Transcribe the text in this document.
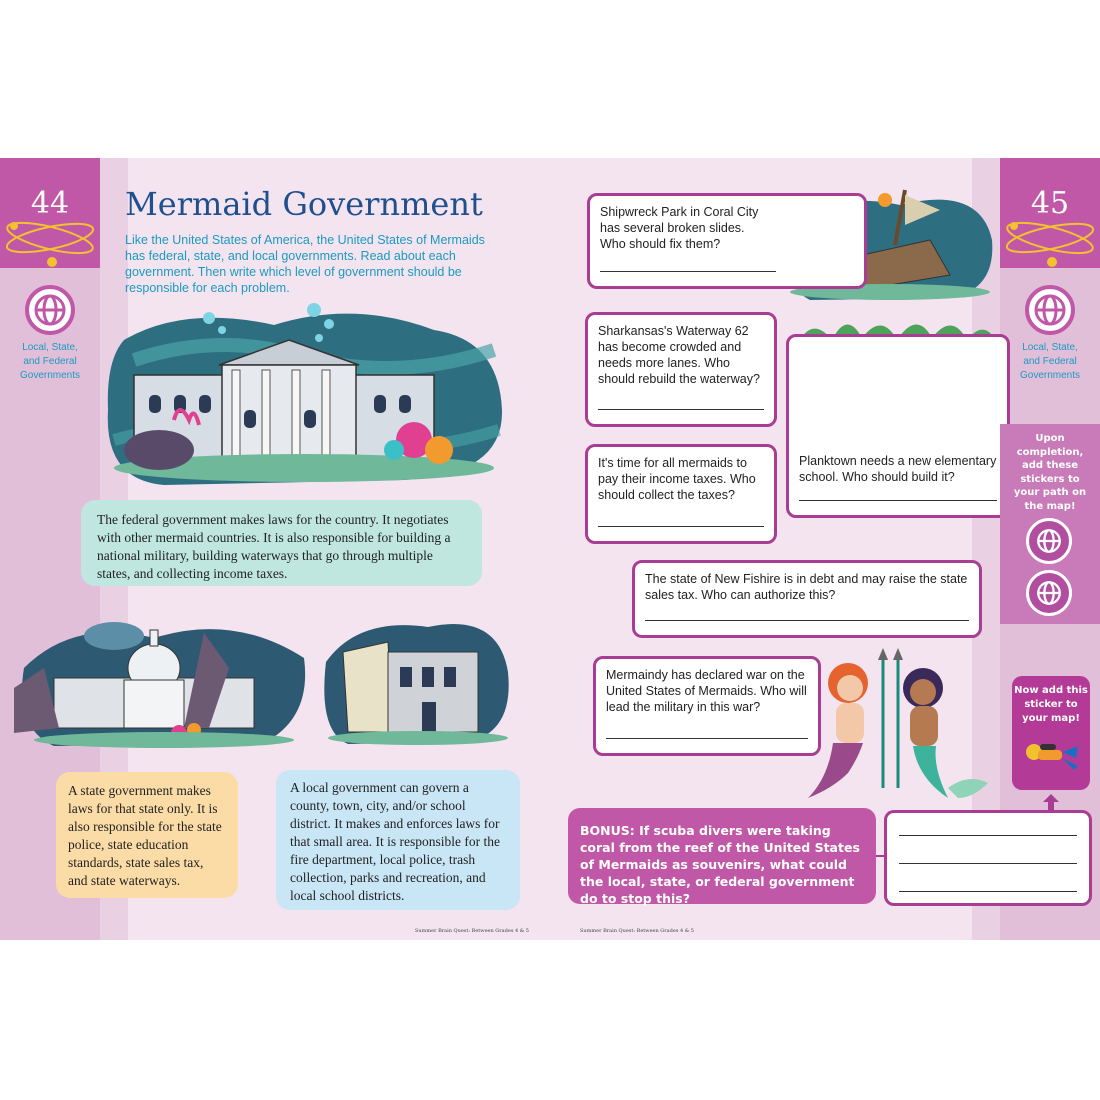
44
Local, State,
and Federal
Governments
45
Local, State,
and Federal
Governments
Mermaid Government
Like the United States of America, the United States of Mermaids has federal, state, and local governments. Read about each government. Then write which level of government should be responsible for each problem.
The federal government makes laws for the country. It negotiates with other mermaid countries. It is also responsible for building a national military, building waterways that go through multiple states, and collecting income taxes.
A state government makes laws for that state only. It is also responsible for the state police, state education standards, state sales tax, and state waterways.
A local government can govern a county, town, city, and/or school district. It makes and enforces laws for that small area. It is responsible for the fire department, local police, trash collection, parks and recreation, and local school districts.
Summer Brain Quest: Between Grades 4 & 5
Shipwreck Park in Coral City has several broken slides. Who should fix them?
Sharkansas's Waterway 62 has become crowded and needs more lanes. Who should rebuild the waterway?
Planktown needs a new elementary school. Who should build it?
It's time for all mermaids to pay their income taxes. Who should collect the taxes?
The state of New Fishire is in debt and may raise the state sales tax. Who can authorize this?
Mermaindy has declared war on the United States of Mermaids. Who will lead the military in this war?
BONUS: If scuba divers were taking coral from the reef of the United States of Mermaids as souvenirs, what could the local, state, or federal government do to stop this?
Upon completion, add these stickers to your path on the map!
Now add this sticker to your map!
Summer Brain Quest: Between Grades 4 & 5
